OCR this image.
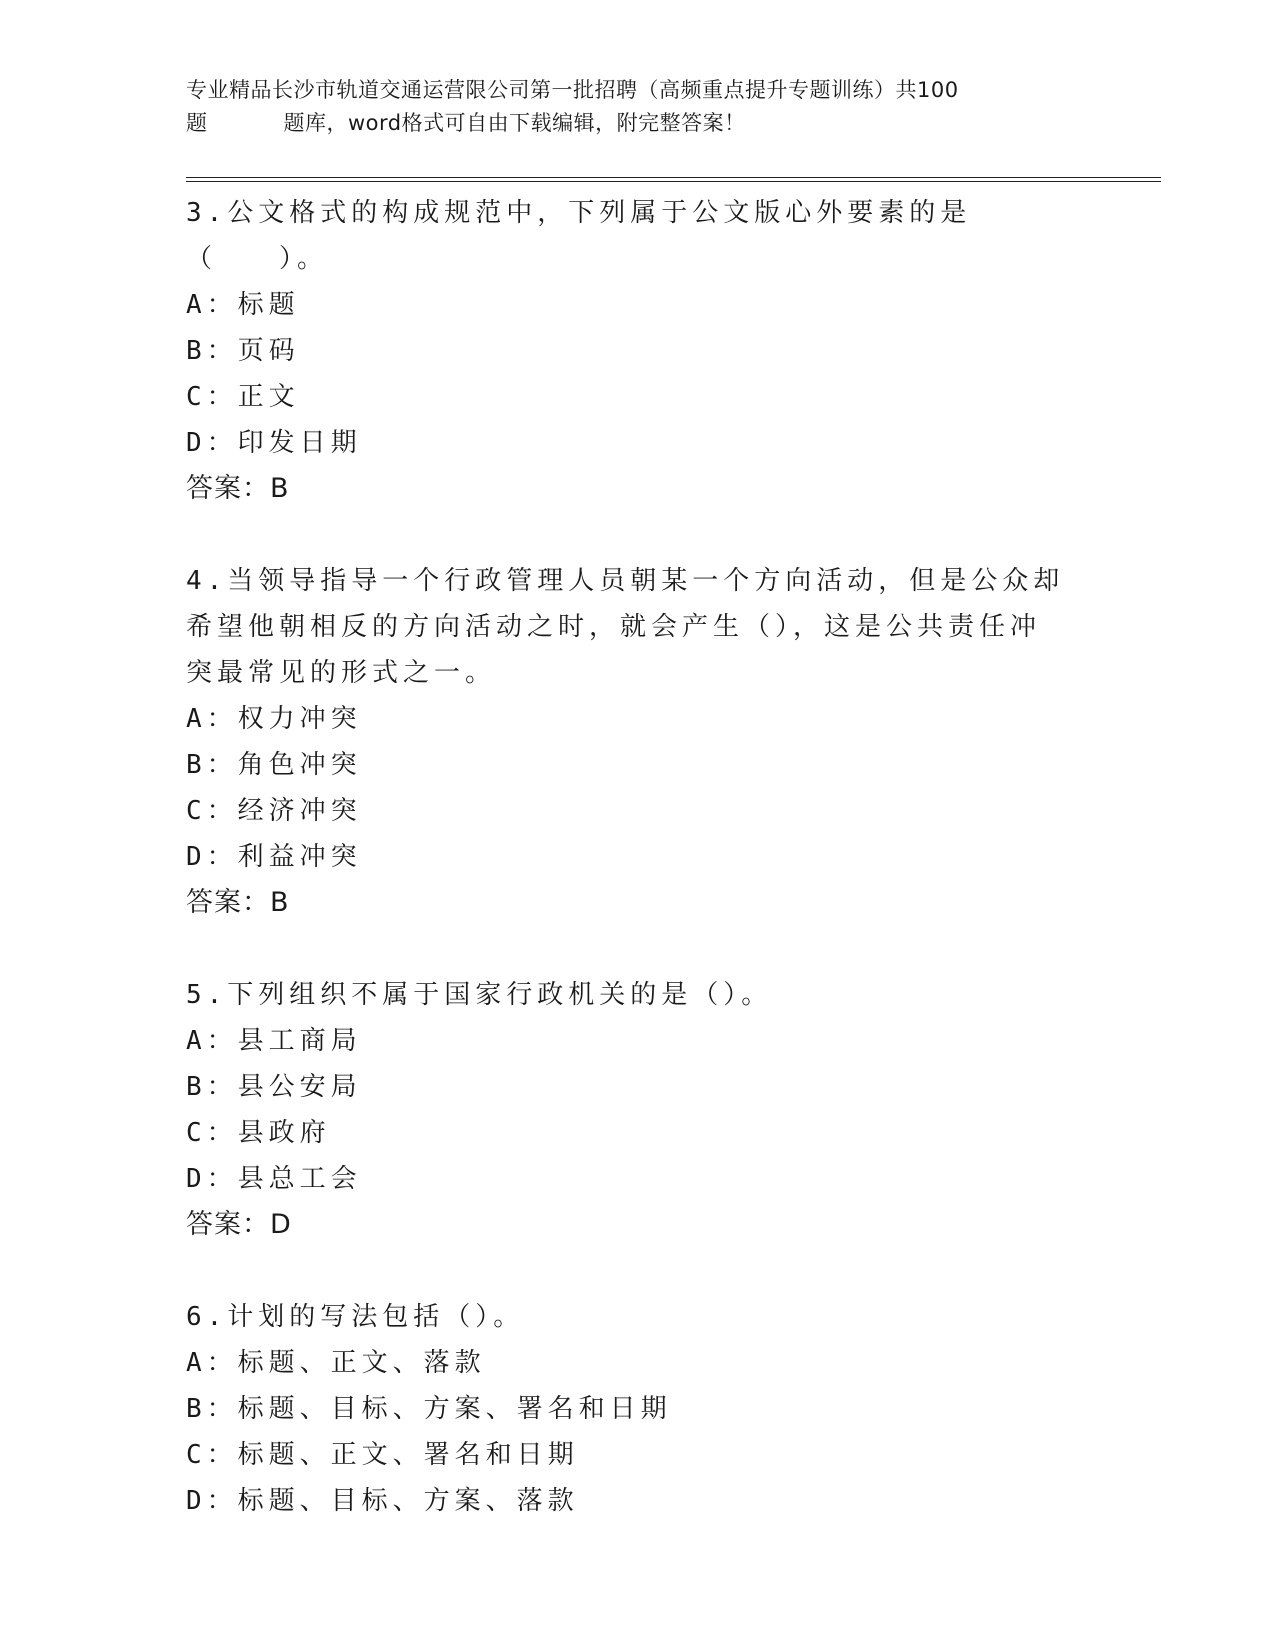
专业精品长沙市轨道交通运营限公司第一批招聘（高频重点提升专题训练）共100
题	题库，word格式可自由下载编辑，附完整答案！
3.公文格式的构成规范中，下列属于公文版心外要素的是（　　）。
A：标题
B：页码
C：正文
D：印发日期
答案：B
4.当领导指导一个行政管理人员朝某一个方向活动，但是公众却希望他朝相反的方向活动之时，就会产生（），这是公共责任冲突最常见的形式之一。
A：权力冲突
B：角色冲突
C：经济冲突
D：利益冲突
答案：B
5.下列组织不属于国家行政机关的是（）。
A：县工商局
B：县公安局
C：县政府
D：县总工会
答案：D
6.计划的写法包括（）。
A：标题、正文、落款
B：标题、目标、方案、署名和日期
C：标题、正文、署名和日期
D：标题、目标、方案、落款
